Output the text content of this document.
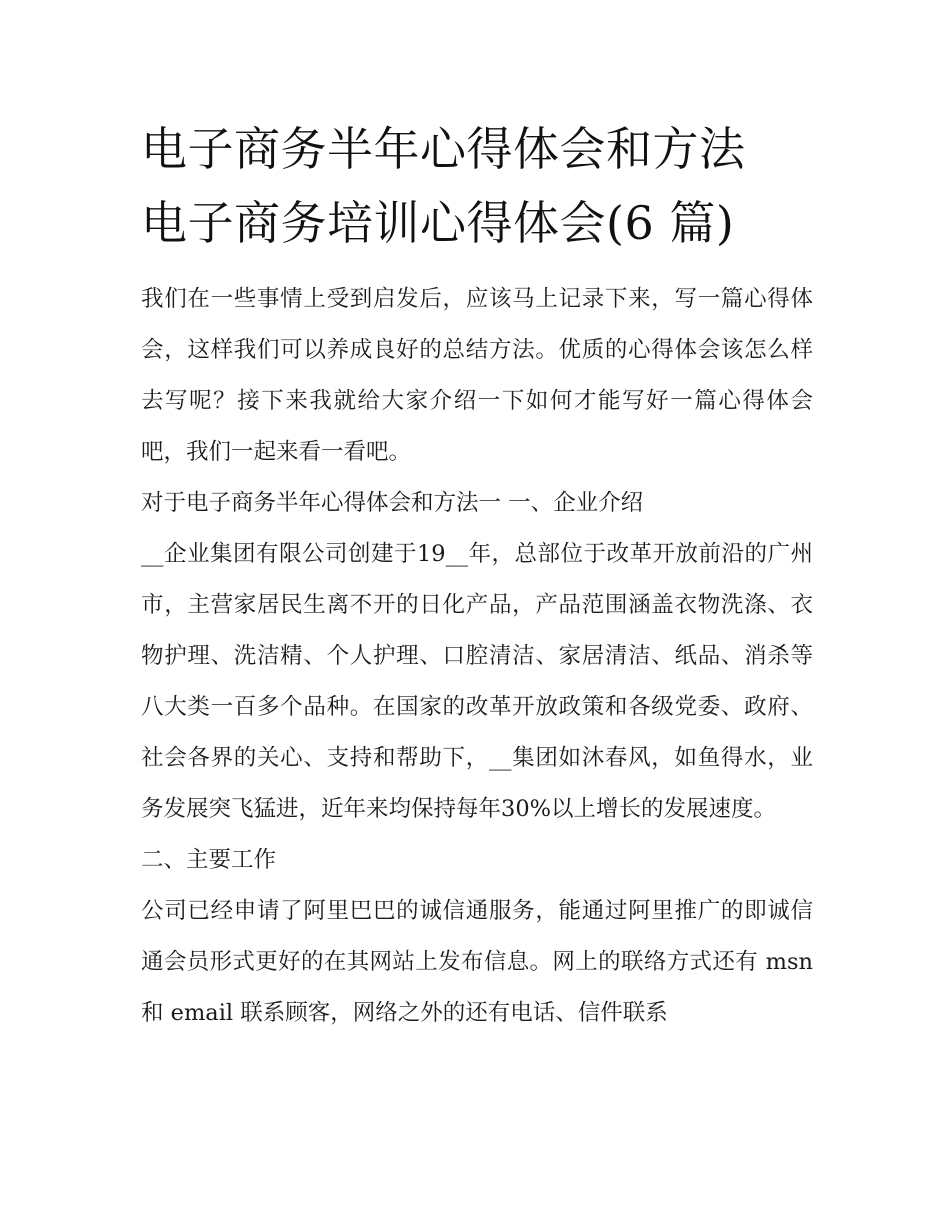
电子商务半年心得体会和方法
电子商务培训心得体会(6 篇)

我们在一些事情上受到启发后，应该马上记录下来，写一篇心得体会，这样我们可以养成良好的总结方法。优质的心得体会该怎么样去写呢？接下来我就给大家介绍一下如何才能写好一篇心得体会吧，我们一起来看一看吧。

对于电子商务半年心得体会和方法一 一、企业介绍

__企业集团有限公司创建于19__年，总部位于改革开放前沿的广州市，主营家居民生离不开的日化产品，产品范围涵盖衣物洗涤、衣物护理、洗洁精、个人护理、口腔清洁、家居清洁、纸品、消杀等八大类一百多个品种。在国家的改革开放政策和各级党委、政府、社会各界的关心、支持和帮助下，__集团如沐春风，如鱼得水，业务发展突飞猛进，近年来均保持每年30%以上增长的发展速度。

二、主要工作

公司已经申请了阿里巴巴的诚信通服务，能通过阿里推广的即诚信通会员形式更好的在其网站上发布信息。网上的联络方式还有 msn 和 email 联系顾客，网络之外的还有电话、信件联系
